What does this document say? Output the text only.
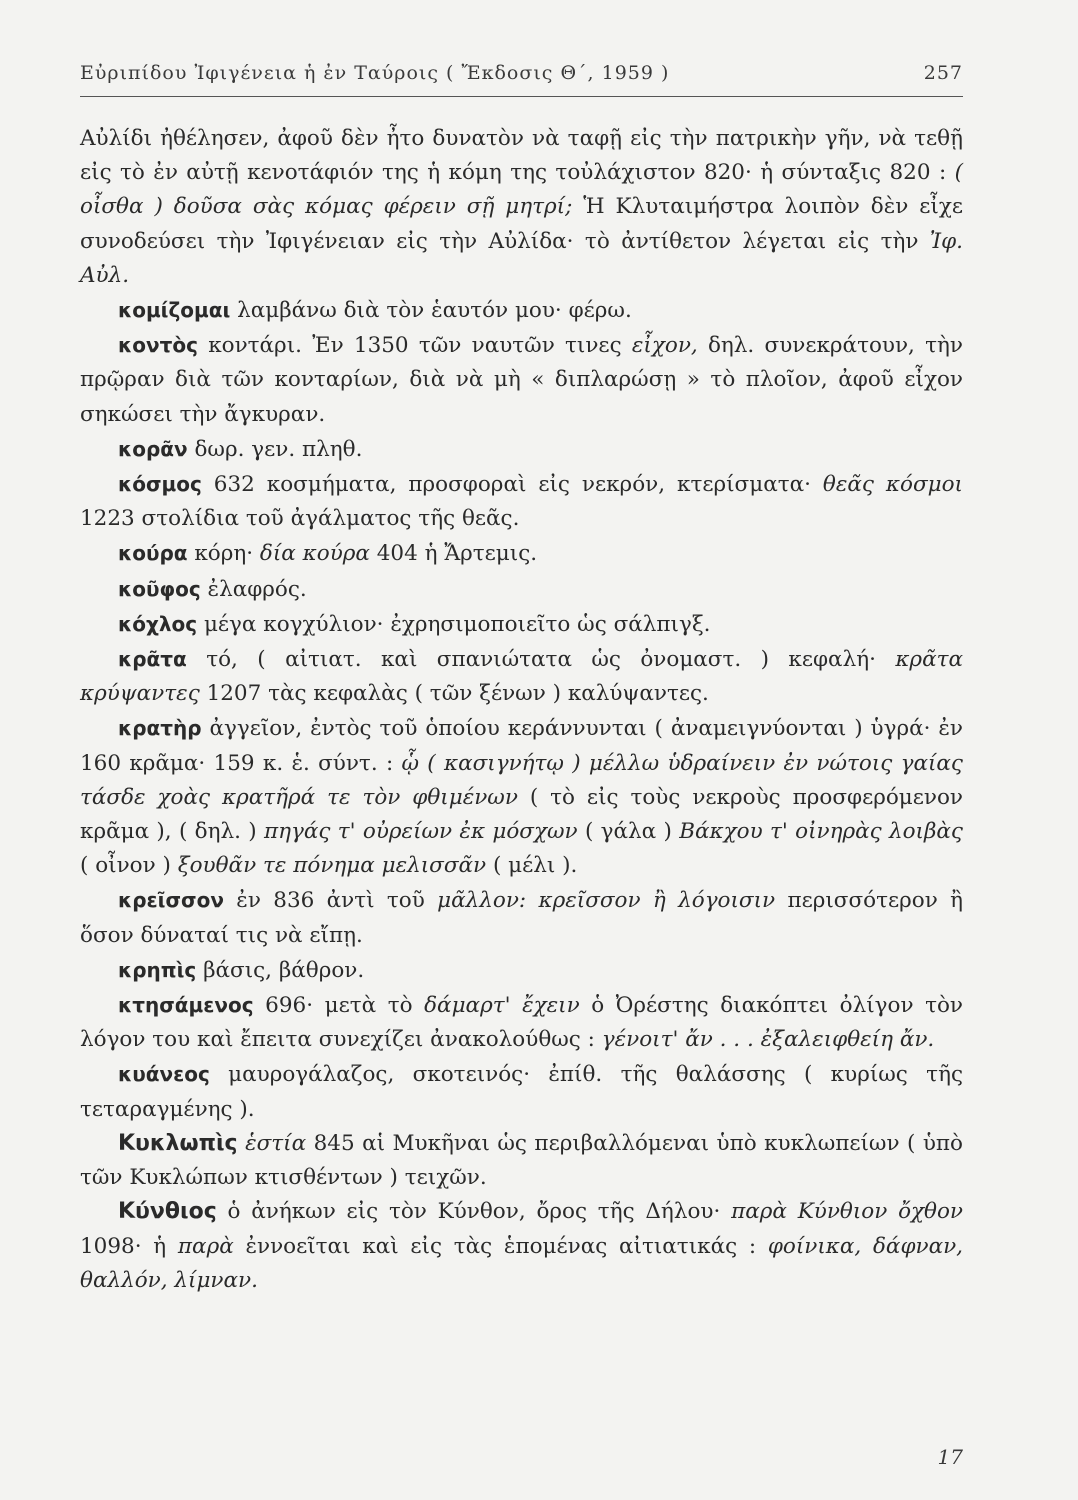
Εὐριπίδου Ἰφιγένεια ἡ ἐν Ταύροις ( Ἔκδοσις Θ΄, 1959 )	257

Αὐλίδι ἠθέλησεν, ἀφοῦ δὲν ἦτο δυνατὸν νὰ ταφῇ εἰς τὴν πατρικὴν γῆν, νὰ τεθῇ εἰς τὸ ἐν αὐτῇ κενοτάφιόν της ἡ κόμη της τοὐλάχιστον 820· ἡ σύνταξις 820 : ( οἶσθα ) δοῦσα σὰς κόμας φέρειν σῇ μητρί; Ἡ Κλυταιμήστρα λοιπὸν δὲν εἶχε συνοδεύσει τὴν Ἰφιγένειαν εἰς τὴν Αὐλίδα· τὸ ἀντίθετον λέγεται εἰς τὴν Ἰφ. Αὐλ.

κομίζομαι λαμβάνω διὰ τὸν ἑαυτόν μου· φέρω.

κοντὸς κοντάρι. Ἐν 1350 τῶν ναυτῶν τινες εἶχον, δηλ. συνεκράτουν, τὴν πρῷραν διὰ τῶν κονταρίων, διὰ νὰ μὴ « διπλαρώσῃ » τὸ πλοῖον, ἀφοῦ εἶχον σηκώσει τὴν ἄγκυραν.

κορᾶν δωρ. γεν. πληθ.

κόσμος 632 κοσμήματα, προσφοραὶ εἰς νεκρόν, κτερίσματα· θεᾶς κόσμοι 1223 στολίδια τοῦ ἀγάλματος τῆς θεᾶς.

κούρα κόρη· δία κούρα 404 ἡ Ἄρτεμις.

κοῦφος ἐλαφρός.

κόχλος μέγα κογχύλιον· ἐχρησιμοποιεῖτο ὡς σάλπιγξ.

κρᾶτα τό, ( αἰτιατ. καὶ σπανιώτατα ὡς ὀνομαστ. ) κεφαλή· κρᾶτα κρύψαντες 1207 τὰς κεφαλὰς ( τῶν ξένων ) καλύψαντες.

κρατὴρ ἀγγεῖον, ἐντὸς τοῦ ὁποίου κεράννυνται ( ἀναμειγνύονται ) ὑγρά· ἐν 160 κρᾶμα· 159 κ. ἑ. σύντ. : ᾧ ( κασιγνήτῳ ) μέλλω ὑδραίνειν ἐν νώτοις γαίας τάσδε χοὰς κρατῆρά τε τὸν φθιμένων ( τὸ εἰς τοὺς νεκροὺς προσφερόμενον κρᾶμα ), ( δηλ. ) πηγάς τ' οὐρείων ἐκ μόσχων ( γάλα ) Βάκχου τ' οἰνηρὰς λοιβὰς ( οἶνον ) ξουθᾶν τε πόνημα μελισσᾶν ( μέλι ).

κρεῖσσον ἐν 836 ἀντὶ τοῦ μᾶλλον: κρεῖσσον ἢ λόγοισιν περισσότερον ἢ ὅσον δύναταί τις νὰ εἴπῃ.

κρηπὶς βάσις, βάθρον.

κτησάμενος 696· μετὰ τὸ δάμαρτ' ἔχειν ὁ Ὀρέστης διακόπτει ὀλίγον τὸν λόγον του καὶ ἔπειτα συνεχίζει ἀνακολούθως : γένοιτ' ἄν . . . ἐξαλειφθείη ἄν.

κυάνεος μαυρογάλαζος, σκοτεινός· ἐπίθ. τῆς θαλάσσης ( κυρίως τῆς τεταραγμένης ).

Κυκλωπὶς ἑστία 845 αἱ Μυκῆναι ὡς περιβαλλόμεναι ὑπὸ κυκλωπείων ( ὑπὸ τῶν Κυκλώπων κτισθέντων ) τειχῶν.

Κύνθιος ὁ ἀνήκων εἰς τὸν Κύνθον, ὄρος τῆς Δήλου· παρὰ Κύνθιον ὄχθον 1098· ἡ παρὰ ἐννοεῖται καὶ εἰς τὰς ἑπομένας αἰτιατικάς : φοίνικα, δάφναν, θαλλόν, λίμναν.

17
